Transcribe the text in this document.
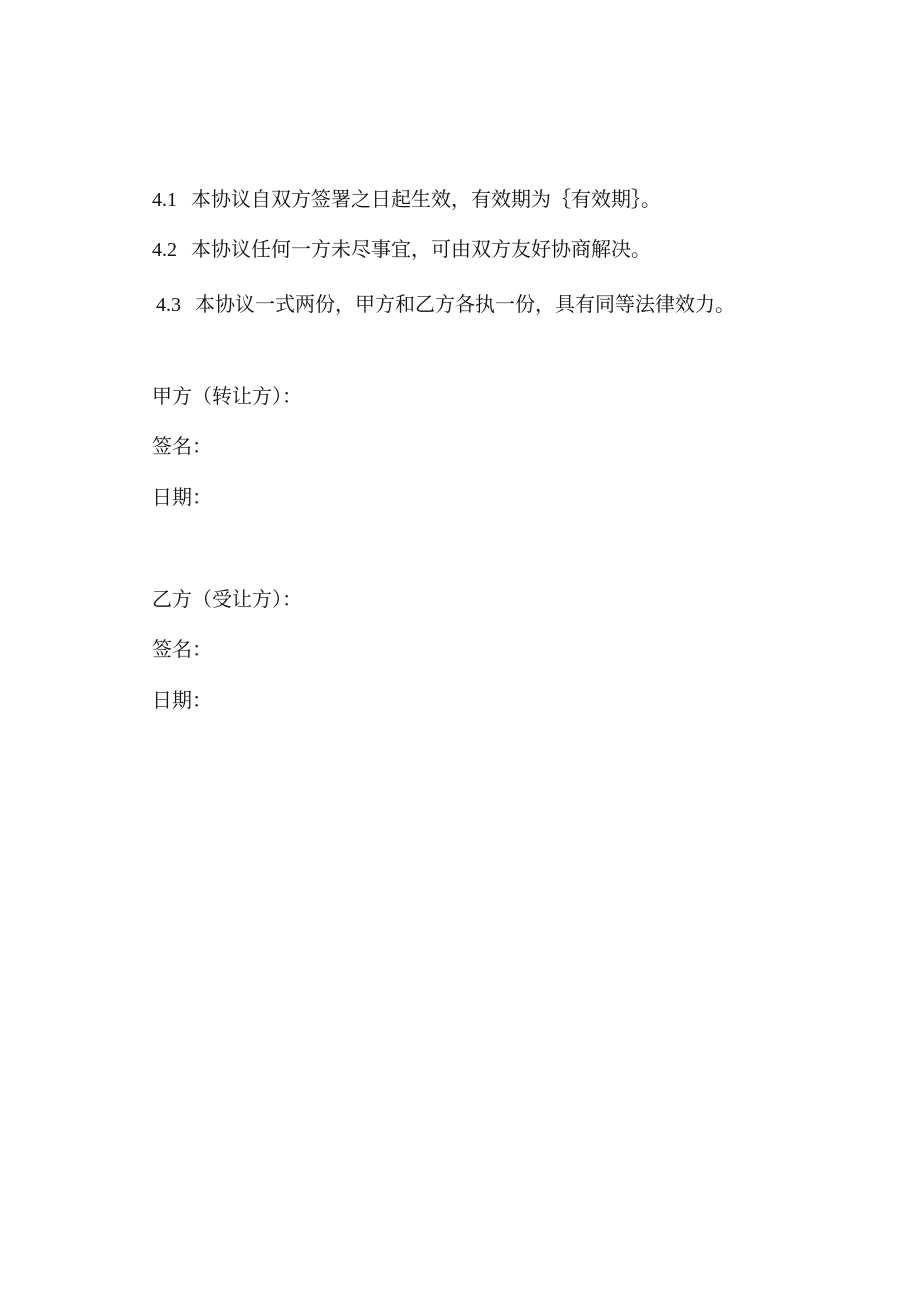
4.1 本协议自双方签署之日起生效，有效期为｛有效期｝。
4.2 本协议任何一方未尽事宜，可由双方友好协商解决。
4.3 本协议一式两份，甲方和乙方各执一份，具有同等法律效力。
甲方（转让方）：
签名：
日期：
乙方（受让方）：
签名：
日期：
